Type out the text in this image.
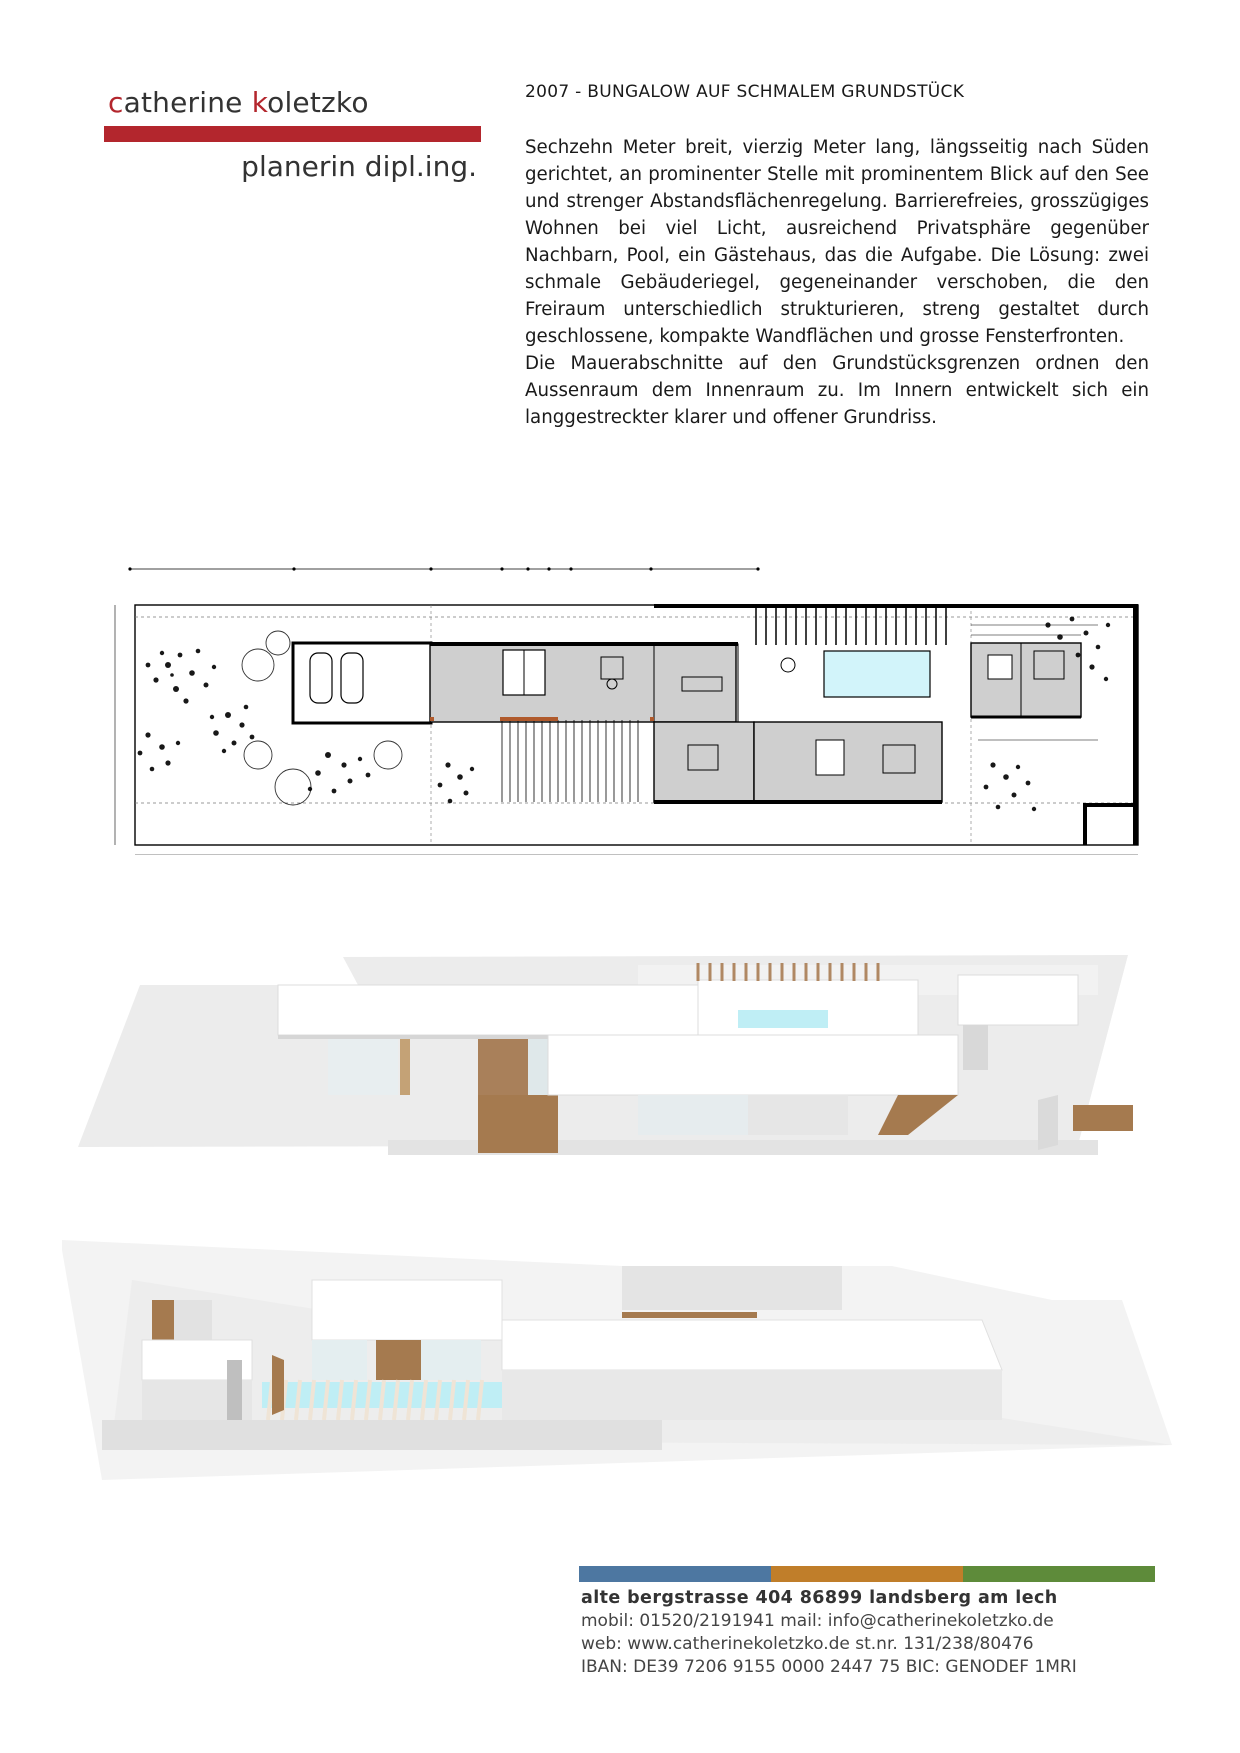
catherine koletzko
planerin dipl.ing.
2007 - BUNGALOW AUF SCHMALEM GRUNDSTÜCK

Sechzehn Meter breit, vierzig Meter lang, längsseitig nach Süden gerichtet, an prominenter Stelle mit prominentem Blick auf den See und strenger Abstandsflächenregelung. Barrierefreies, grosszügiges Wohnen bei viel Licht, ausreichend Privatsphäre gegenüber Nachbarn, Pool, ein Gästehaus, das die Aufgabe. Die Lösung: zwei schmale Gebäuderiegel, gegeneinander verschoben, die den Freiraum unterschiedlich strukturieren, streng gestaltet durch geschlossene, kompakte Wandflächen und grosse Fensterfronten.

Die Mauerabschnitte auf den Grundstücksgrenzen ordnen den Aussenraum dem Innenraum zu. Im Innern entwickelt sich ein langgestreckter klarer und offener Grundriss.

alte bergstrasse 404 86899 landsberg am lech
mobil: 01520/2191941 mail: info@catherinekoletzko.de
web: www.catherinekoletzko.de st.nr. 131/238/80476
IBAN: DE39 7206 9155 0000 2447 75 BIC: GENODEF 1MRI
